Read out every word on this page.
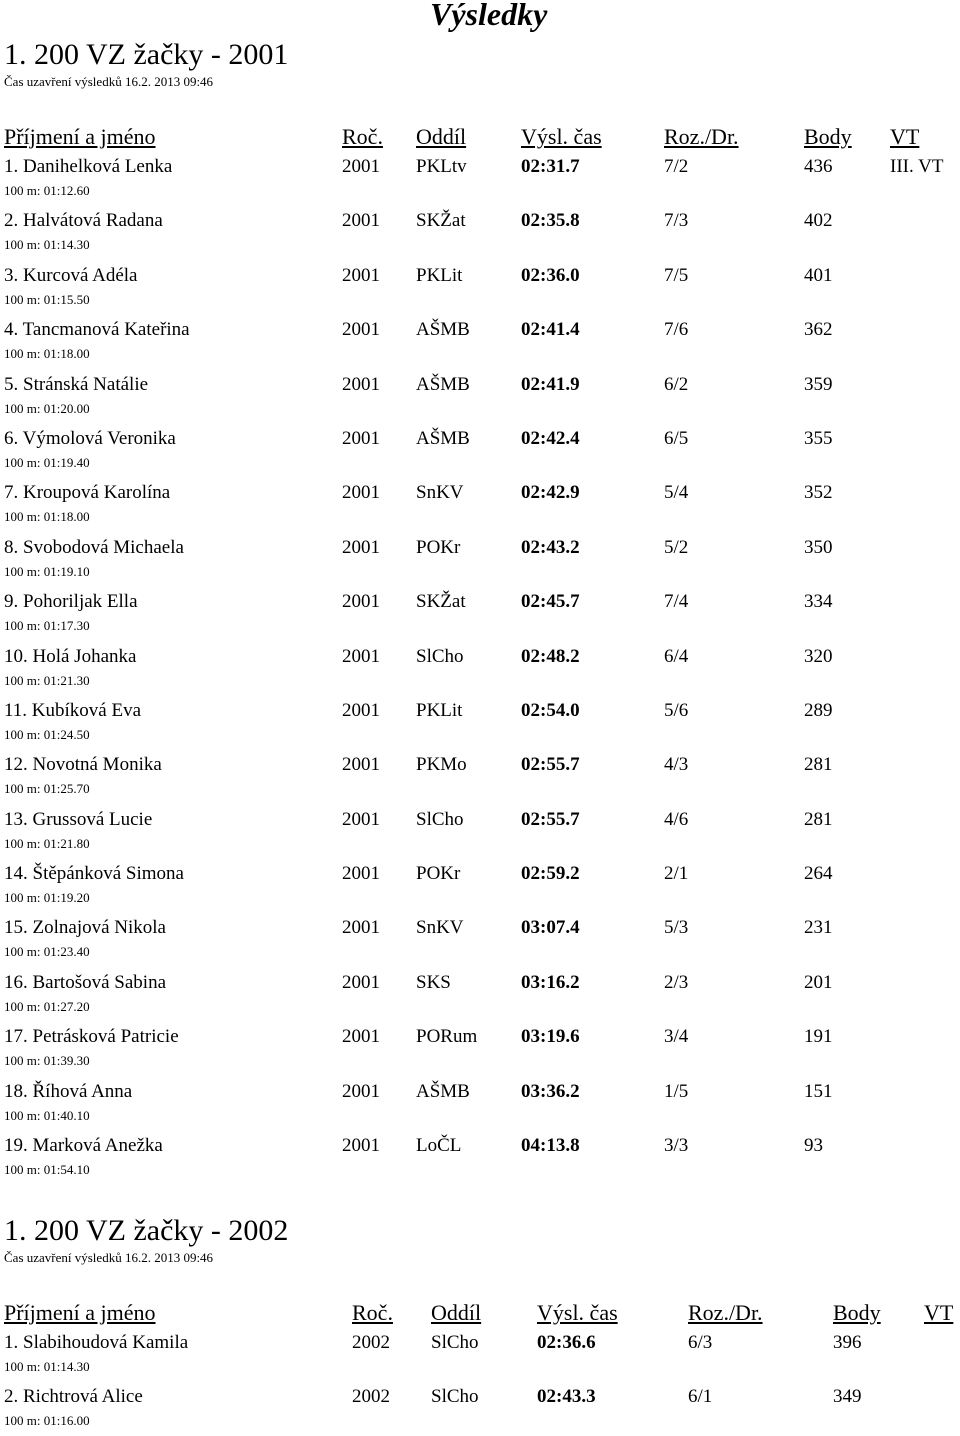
Výsledky
1. 200 VZ žačky - 2001
Čas uzavření výsledků 16.2. 2013 09:46
Příjmení a jméno	Roč. Oddíl Výsl. čas	Roz./Dr.	Body VT
1. Danihelková Lenka	2001 PKLtv	02:31.7	7/2	436	III. VT
100 m: 01:12.60
2. Halvátová Radana	2001 SKŽat	02:35.8	7/3	402
100 m: 01:14.30
3. Kurcová Adéla	2001 PKLit	02:36.0	7/5	401
100 m: 01:15.50
4. Tancmanová Kateřina	2001 AŠMB	02:41.4	7/6	362
100 m: 01:18.00
5. Stránská Natálie	2001 AŠMB	02:41.9	6/2	359
100 m: 01:20.00
6. Výmolová Veronika	2001 AŠMB	02:42.4	6/5	355
100 m: 01:19.40
7. Kroupová Karolína	2001 SnKV	02:42.9	5/4	352
100 m: 01:18.00
8. Svobodová Michaela	2001 POKr	02:43.2	5/2	350
100 m: 01:19.10
9. Pohoriljak Ella	2001 SKŽat	02:45.7	7/4	334
100 m: 01:17.30
10. Holá Johanka	2001 SlCho	02:48.2	6/4	320
100 m: 01:21.30
11. Kubíková Eva	2001 PKLit	02:54.0	5/6	289
100 m: 01:24.50
12. Novotná Monika	2001 PKMo	02:55.7	4/3	281
100 m: 01:25.70
13. Grussová Lucie	2001 SlCho	02:55.7	4/6	281
100 m: 01:21.80
14. Štěpánková Simona	2001 POKr	02:59.2	2/1	264
100 m: 01:19.20
15. Zolnajová Nikola	2001 SnKV	03:07.4	5/3	231
100 m: 01:23.40
16. Bartošová Sabina	2001 SKS	03:16.2	2/3	201
100 m: 01:27.20
17. Petrásková Patricie	2001 PORum 03:19.6	3/4	191
100 m: 01:39.30
18. Říhová Anna	2001 AŠMB	03:36.2	1/5	151
100 m: 01:40.10
19. Marková Anežka	2001 LoČL	04:13.8	3/3	93
100 m: 01:54.10
1. 200 VZ žačky - 2002
Čas uzavření výsledků 16.2. 2013 09:46
Příjmení a jméno	Roč. Oddíl	Výsl. čas	Roz./Dr.	Body VT
1. Slabihoudová Kamila	2002 SlCho	02:36.6	6/3	396
100 m: 01:14.30
2. Richtrová Alice	2002 SlCho	02:43.3	6/1	349
100 m: 01:16.00
